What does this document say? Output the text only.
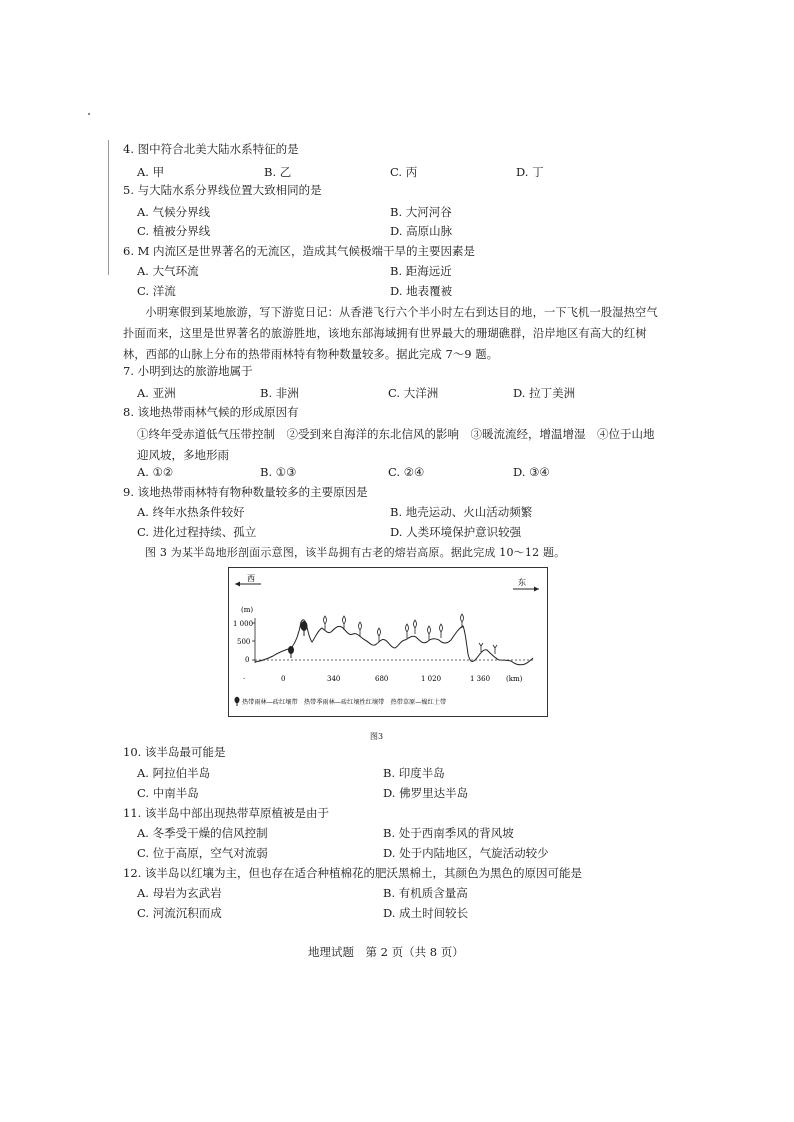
4. 图中符合北美大陆水系特征的是
A. 甲	B. 乙	C. 丙	D. 丁
5. 与大陆水系分界线位置大致相同的是
A. 气候分界线	B. 大河河谷
C. 植被分界线	D. 高原山脉
6. M 内流区是世界著名的无流区，造成其气候极端干旱的主要因素是
A. 大气环流	B. 距海远近
C. 洋流	D. 地表覆被
小明寒假到某地旅游，写下游览日记：从香港飞行六个半小时左右到达目的地，一下飞机一股湿热空气扑面而来，这里是世界著名的旅游胜地，该地东部海域拥有世界最大的珊瑚礁群，沿岸地区有高大的红树林，西部的山脉上分布的热带雨林特有物种数量较多。据此完成 7～9 题。
7. 小明到达的旅游地属于
A. 亚洲	B. 非洲	C. 大洋洲	D. 拉丁美洲
8. 该地热带雨林气候的形成原因有
①终年受赤道低气压带控制　②受到来自海洋的东北信风的影响　③暖流流经，增温增湿　④位于山地迎风坡，多地形雨
A. ①②	B. ①③	C. ②④	D. ③④
9. 该地热带雨林特有物种数量较多的主要原因是
A. 终年水热条件较好	B. 地壳运动、火山活动频繁
C. 进化过程持续、孤立	D. 人类环境保护意识较强
图 3 为某半岛地形剖面示意图，该半岛拥有古老的熔岩高原。据此完成 10～12 题。
西	东
(m)
1 000
500
0
·	0	340	680	1 020	1 360 (km)
热带雨林—砖红壤带　热带季雨林—砖红壤性红壤带　热带草原—燥红土带
图3
10. 该半岛最可能是
A. 阿拉伯半岛	B. 印度半岛
C. 中南半岛	D. 佛罗里达半岛
11. 该半岛中部出现热带草原植被是由于
A. 冬季受干燥的信风控制	B. 处于西南季风的背风坡
C. 位于高原，空气对流弱	D. 处于内陆地区，气旋活动较少
12. 该半岛以红壤为主，但也存在适合种植棉花的肥沃黑棉土，其颜色为黑色的原因可能是
A. 母岩为玄武岩	B. 有机质含量高
C. 河流沉积而成	D. 成土时间较长
地理试题　第 2 页（共 8 页）
